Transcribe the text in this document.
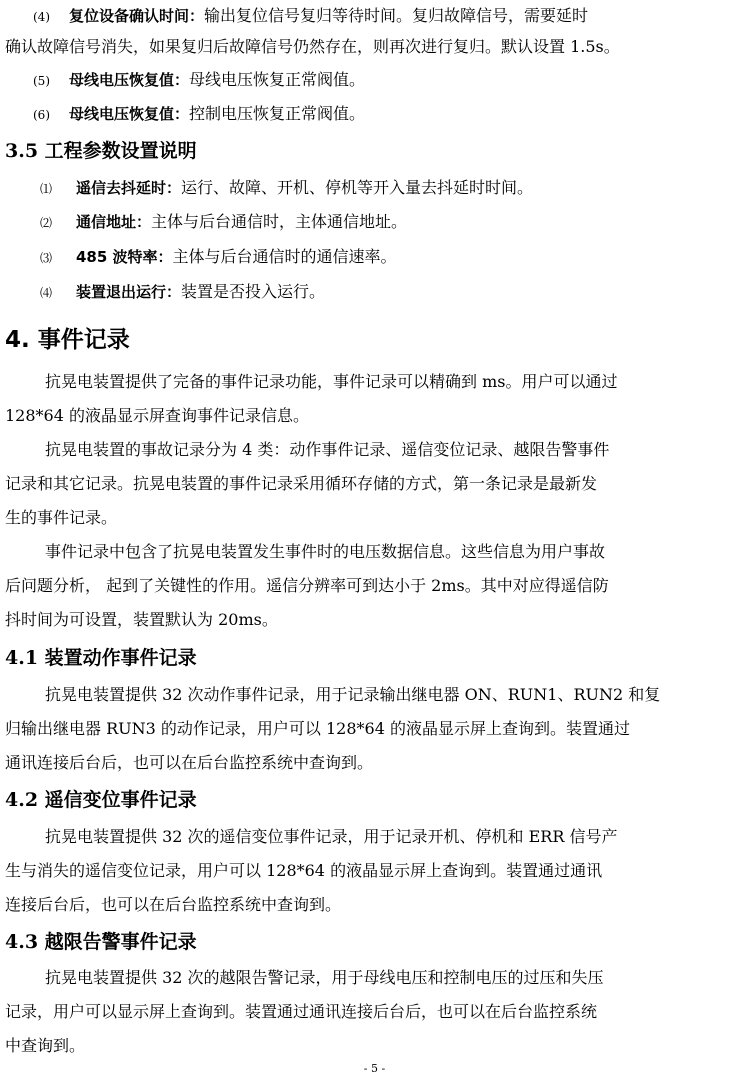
(4) 复位设备确认时间：输出复位信号复归等待时间。复归故障信号，需要延时
确认故障信号消失，如果复归后故障信号仍然存在，则再次进行复归。默认设置 1.5s。
(5) 母线电压恢复值：母线电压恢复正常阀值。
(6) 母线电压恢复值：控制电压恢复正常阀值。
3.5 工程参数设置说明
⑴ 遥信去抖延时：运行、故障、开机、停机等开入量去抖延时时间。
⑵ 通信地址：主体与后台通信时，主体通信地址。
⑶ 485 波特率：主体与后台通信时的通信速率。
⑷ 装置退出运行：装置是否投入运行。
4. 事件记录
抗晃电装置提供了完备的事件记录功能，事件记录可以精确到 ms。用户可以通过
128*64 的液晶显示屏查询事件记录信息。
抗晃电装置的事故记录分为 4 类：动作事件记录、遥信变位记录、越限告警事件
记录和其它记录。抗晃电装置的事件记录采用循环存储的方式，第一条记录是最新发
生的事件记录。
事件记录中包含了抗晃电装置发生事件时的电压数据信息。这些信息为用户事故
后问题分析， 起到了关键性的作用。遥信分辨率可到达小于 2ms。其中对应得遥信防
抖时间为可设置，装置默认为 20ms。
4.1 装置动作事件记录
抗晃电装置提供 32 次动作事件记录，用于记录输出继电器 ON、RUN1、RUN2 和复
归输出继电器 RUN3 的动作记录，用户可以 128*64 的液晶显示屏上查询到。装置通过
通讯连接后台后，也可以在后台监控系统中查询到。
4.2 遥信变位事件记录
抗晃电装置提供 32 次的遥信变位事件记录，用于记录开机、停机和 ERR 信号产
生与消失的遥信变位记录，用户可以 128*64 的液晶显示屏上查询到。装置通过通讯
连接后台后，也可以在后台监控系统中查询到。
4.3 越限告警事件记录
抗晃电装置提供 32 次的越限告警记录，用于母线电压和控制电压的过压和失压
记录，用户可以显示屏上查询到。装置通过通讯连接后台后，也可以在后台监控系统
中查询到。
- 5 -
